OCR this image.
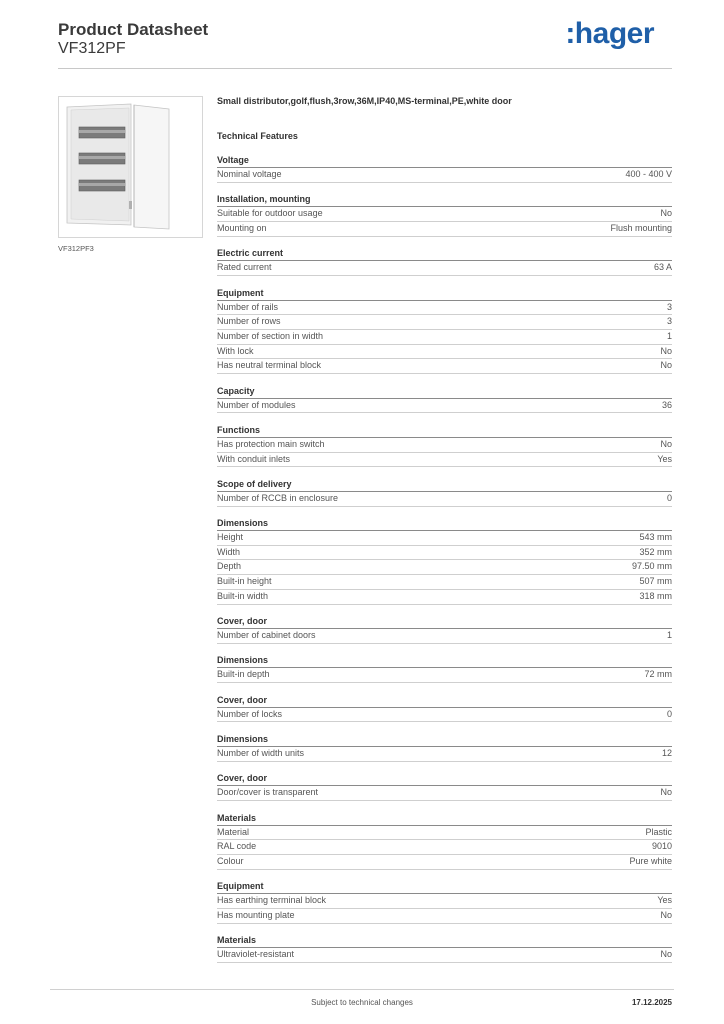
Product Datasheet
VF312PF	:hager
VF312PF3
Small distributor,golf,flush,3row,36M,IP40,MS-terminal,PE,white door
Technical Features
Voltage
Nominal voltage	400 - 400 V
Installation, mounting
Suitable for outdoor usage	No
Mounting on	Flush mounting
Electric current
Rated current	63 A
Equipment
Number of rails	3
Number of rows	3
Number of section in width	1
With lock	No
Has neutral terminal block	No
Capacity
Number of modules	36
Functions
Has protection main switch	No
With conduit inlets	Yes
Scope of delivery
Number of RCCB in enclosure	0
Dimensions
Height	543 mm
Width	352 mm
Depth	97.50 mm
Built-in height	507 mm
Built-in width	318 mm
Cover, door
Number of cabinet doors	1
Dimensions
Built-in depth	72 mm
Cover, door
Number of locks	0
Dimensions
Number of width units	12
Cover, door
Door/cover is transparent	No
Materials
Material	Plastic
RAL code	9010
Colour	Pure white
Equipment
Has earthing terminal block	Yes
Has mounting plate	No
Materials
Ultraviolet-resistant	No
Subject to technical changes	17.12.2025
